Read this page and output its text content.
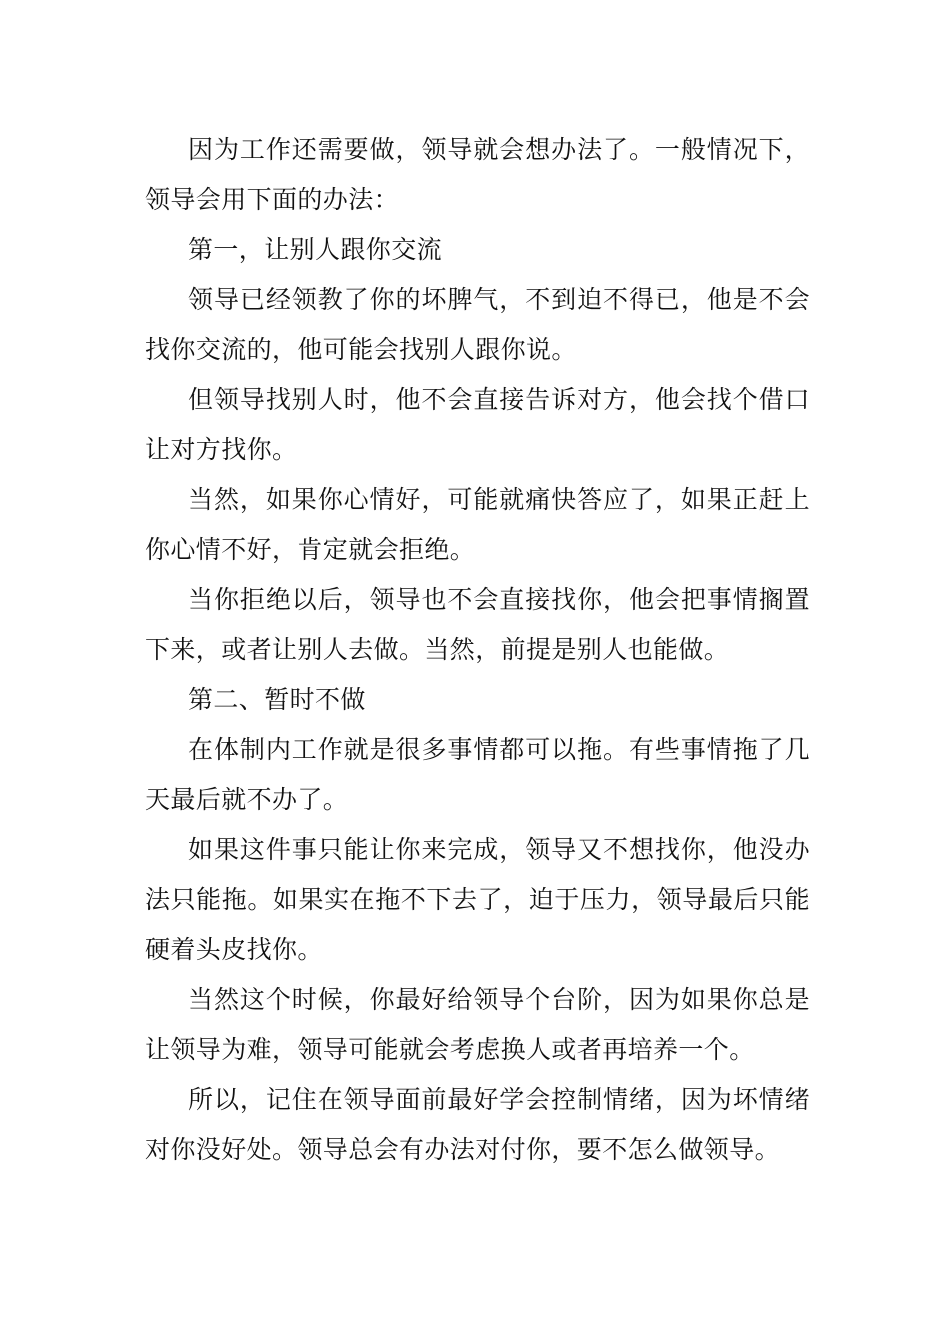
因为工作还需要做，领导就会想办法了。一般情况下，领导会用下面的办法：

第一，让别人跟你交流

领导已经领教了你的坏脾气，不到迫不得已，他是不会找你交流的，他可能会找别人跟你说。

但领导找别人时，他不会直接告诉对方，他会找个借口让对方找你。

当然，如果你心情好，可能就痛快答应了，如果正赶上你心情不好，肯定就会拒绝。

当你拒绝以后，领导也不会直接找你，他会把事情搁置下来，或者让别人去做。当然，前提是别人也能做。

第二、暂时不做

在体制内工作就是很多事情都可以拖。有些事情拖了几天最后就不办了。

如果这件事只能让你来完成，领导又不想找你，他没办法只能拖。如果实在拖不下去了，迫于压力，领导最后只能硬着头皮找你。

当然这个时候，你最好给领导个台阶，因为如果你总是让领导为难，领导可能就会考虑换人或者再培养一个。

所以，记住在领导面前最好学会控制情绪，因为坏情绪对你没好处。领导总会有办法对付你，要不怎么做领导。
